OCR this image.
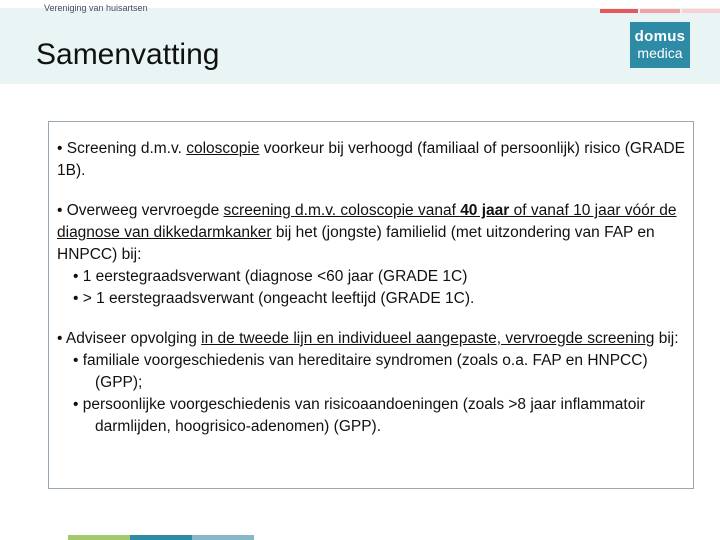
Vereniging van huisartsen
Samenvatting
domus
medica
• Screening d.m.v. coloscopie voorkeur bij verhoogd (familiaal of persoonlijk) risico (GRADE 1B).
• Overweeg vervroegde screening d.m.v. coloscopie vanaf 40 jaar of vanaf 10 jaar vóór de diagnose van dikkedarmkanker bij het (jongste) familielid (met uitzondering van FAP en HNPCC) bij:
• 1 eerstegraadsverwant (diagnose <60 jaar (GRADE 1C)
• > 1 eerstegraadsverwant (ongeacht leeftijd (GRADE 1C).
• Adviseer opvolging in de tweede lijn en individueel aangepaste, vervroegde screening bij:
• familiale voorgeschiedenis van hereditaire syndromen (zoals o.a. FAP en HNPCC) (GPP);
• persoonlijke voorgeschiedenis van risicoaandoeningen (zoals >8 jaar inflammatoir darmlijden, hoogrisico-adenomen) (GPP).
